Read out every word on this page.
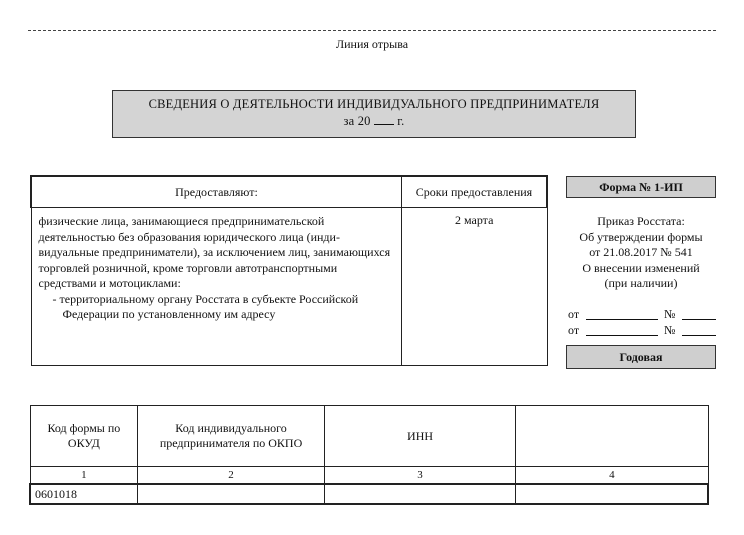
Линия отрыва
СВЕДЕНИЯ О ДЕЯТЕЛЬНОСТИ ИНДИВИДУАЛЬНОГО ПРЕДПРИНИМАТЕЛЯ
за 20 г.
Предоставляют:	Сроки предоставления

физические лица, занимающиеся предпринимательской деятельностью без образования юридического лица (инди-видуальные предприниматели), за исключением лиц, занимающихся торговлей розничной, кроме торговли автотранспортными средствами и мотоциклами:
- территориальному органу Росстата в субъекте Российской Федерации по установленному им адресу	2 марта
Форма № 1-ИП
Приказ Росстата:
Об утверждении формы
от 21.08.2017 № 541
О внесении изменений
(при наличии)
от	№
от	№
Годовая
Код формы по ОКУД	Код индивидуального предпринимателя по ОКПО	ИНН	
1	2	3	4
0601018			
